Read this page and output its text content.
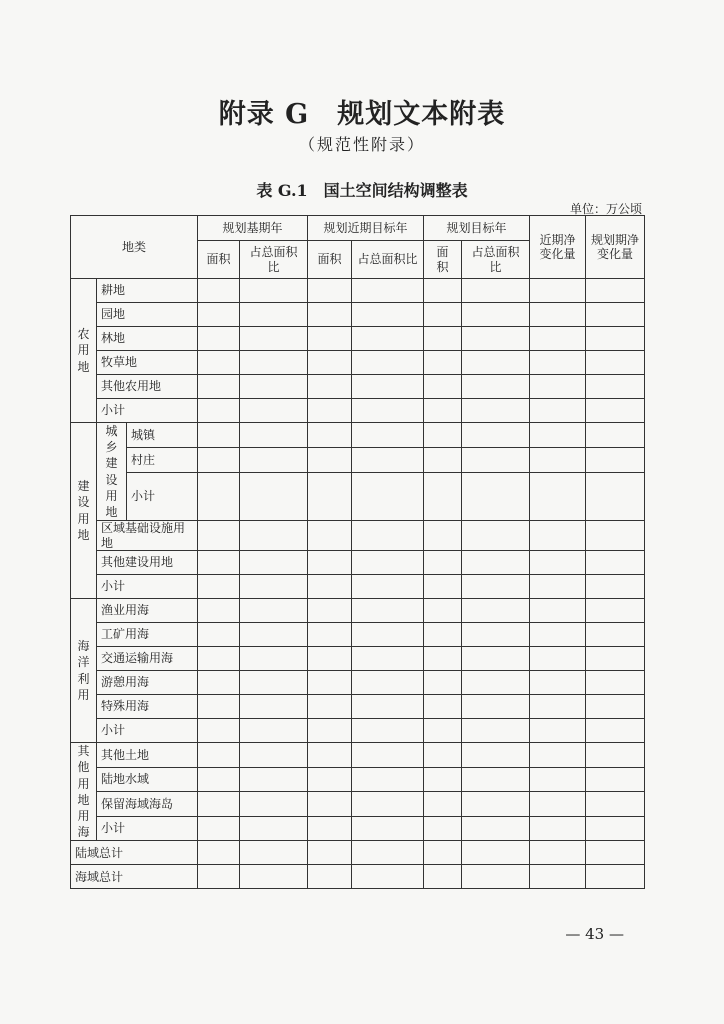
附录 G　规划文本附表
（规范性附录）
表 G.1　国土空间结构调整表
单位：万公顷
地类			规划基期年		规划近期目标年		规划目标年		近期净变化量	规划期净变化量
			面积	占总面积比	面积	占总面积比	面积	占总面积比		

农用地	耕地									
	园地									
	林地									
	牧草地									
	其他农用地									
	小计									

建设用地	城乡建设用地	城镇								
		村庄								
		小计								
	区域基础设施用地									
	其他建设用地									
	小计									

海洋利用	渔业用海									
	工矿用海									
	交通运输用海									
	游憩用海									
	特殊用海									
	小计									

其他用地用海	其他土地									
	陆地水域									
	保留海域海岛									
	小计									
陆域总计										
海域总计										
— 43 —
